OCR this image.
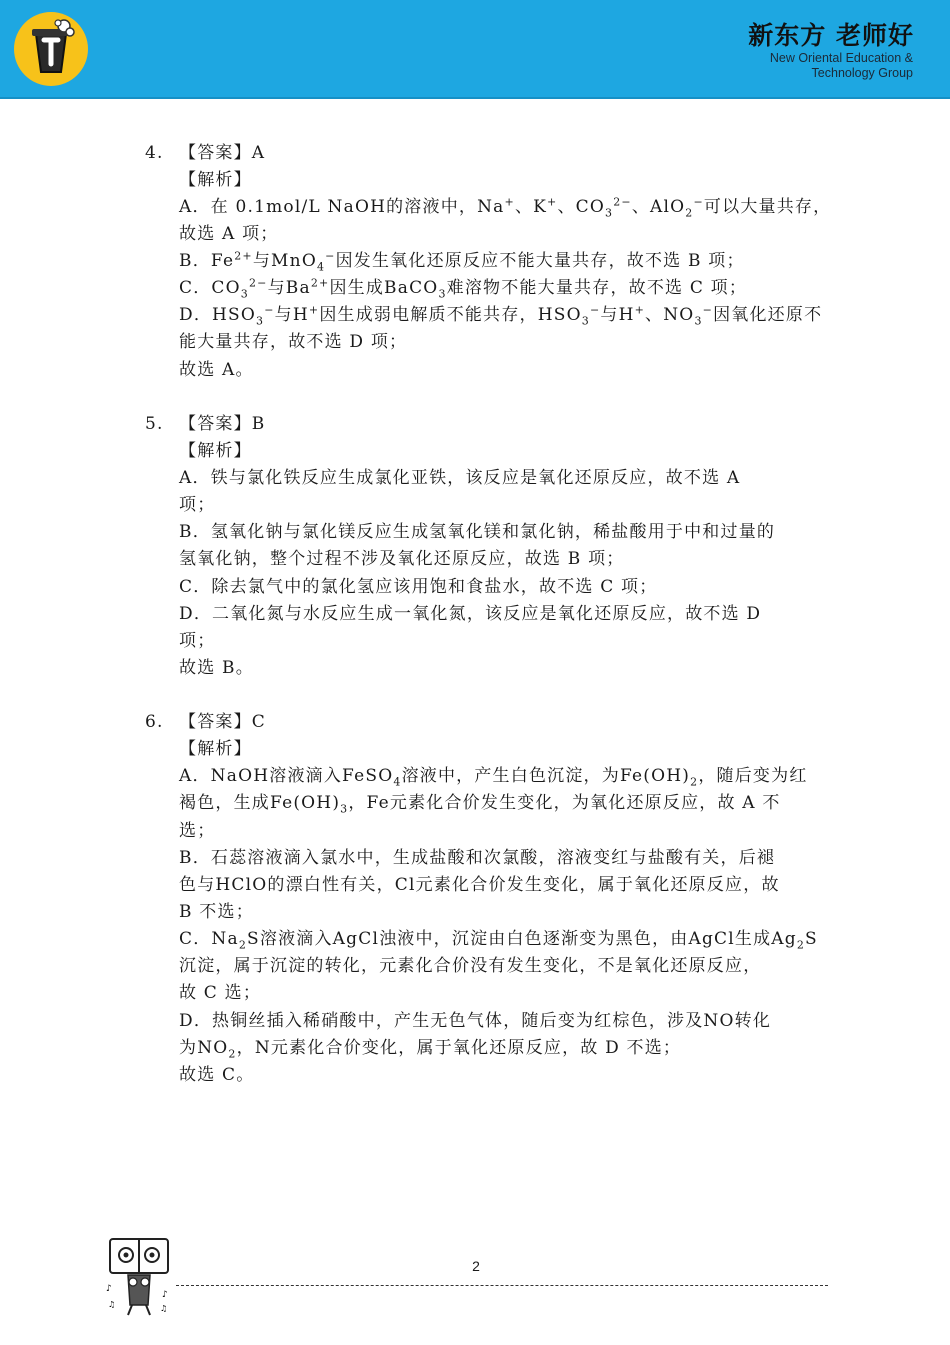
新东方 老师好
New Oriental Education &
Technology Group
4. 【答案】A
【解析】
A．在 0.1mol/L NaOH的溶液中，Na+、K+、$CO_3^{2-}$、AlO$_2$−可以大量共存，
故选 A 项；
B．$Fe^{2+}$与MnO$_4$−因发生氧化还原反应不能大量共存，故不选 B 项；
C．$CO_3^{2-}$与$Ba^{2+}$因生成BaCO$_3$难溶物不能大量共存，故不选 C 项；
D．$HSO_3^-$与H+因生成弱电解质不能共存，$HSO_3^-$与H+、$NO_3^-$因氧化还原不
能大量共存，故不选 D 项；
故选 A。
5. 【答案】B
【解析】
A．铁与氯化铁反应生成氯化亚铁，该反应是氧化还原反应，故不选 A
项；
B．氢氧化钠与氯化镁反应生成氢氧化镁和氯化钠，稀盐酸用于中和过量的
氢氧化钠，整个过程不涉及氧化还原反应，故选 B 项；
C．除去氯气中的氯化氢应该用饱和食盐水，故不选 C 项；
D．二氧化氮与水反应生成一氧化氮，该反应是氧化还原反应，故不选 D
项；
故选 B。
6. 【答案】C
【解析】
A．NaOH溶液滴入FeSO$_4$溶液中，产生白色沉淀，为$Fe(OH)_2$，随后变为红
褐色，生成$Fe(OH)_3$，Fe元素化合价发生变化，为氧化还原反应，故 A 不
选；
B．石蕊溶液滴入氯水中，生成盐酸和次氯酸，溶液变红与盐酸有关，后褪
色与HClO的漂白性有关，Cl元素化合价发生变化，属于氧化还原反应，故
B 不选；
C．$Na_2S$溶液滴入AgCl浊液中，沉淀由白色逐渐变为黑色，由AgCl生成$Ag_2S$
沉淀，属于沉淀的转化，元素化合价没有发生变化，不是氧化还原反应，
故 C 选；
D．热铜丝插入稀硝酸中，产生无色气体，随后变为红棕色，涉及NO转化
为$NO_2$，N元素化合价变化，属于氧化还原反应，故 D 不选；
故选 C。
♪
♪
♫	♫
2
